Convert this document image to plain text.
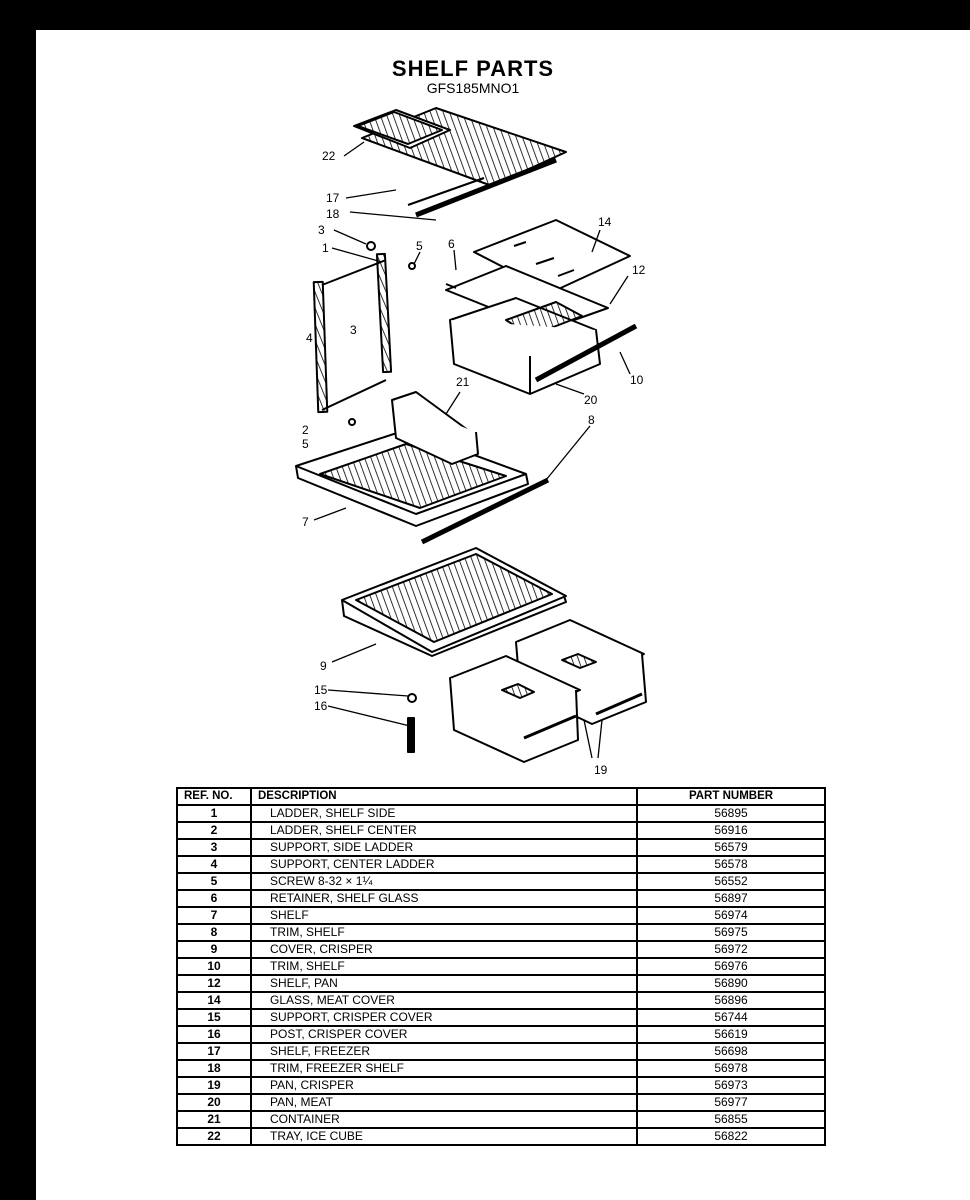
SHELF PARTS
GFS185MNO1
22
17
18
3
1	5 6
14
12
3
10
20
21
4
2
5
8
7
9
15
16
19
REF. NO.	DESCRIPTION	PART NUMBER
1	LADDER, SHELF SIDE	56895
2	LADDER, SHELF CENTER	56916
3	SUPPORT, SIDE LADDER	56579
4	SUPPORT, CENTER LADDER	56578
5	SCREW 8-32 × 1¼	56552
6	RETAINER, SHELF GLASS	56897
7	SHELF	56974
8	TRIM, SHELF	56975
9	COVER, CRISPER	56972
10	TRIM, SHELF	56976
12	SHELF, PAN	56890
14	GLASS, MEAT COVER	56896
15	SUPPORT, CRISPER COVER	56744
16	POST, CRISPER COVER	56619
17	SHELF, FREEZER	56698
18	TRIM, FREEZER SHELF	56978
19	PAN, CRISPER	56973
20	PAN, MEAT	56977
21	CONTAINER	56855
22	TRAY, ICE CUBE	56822
